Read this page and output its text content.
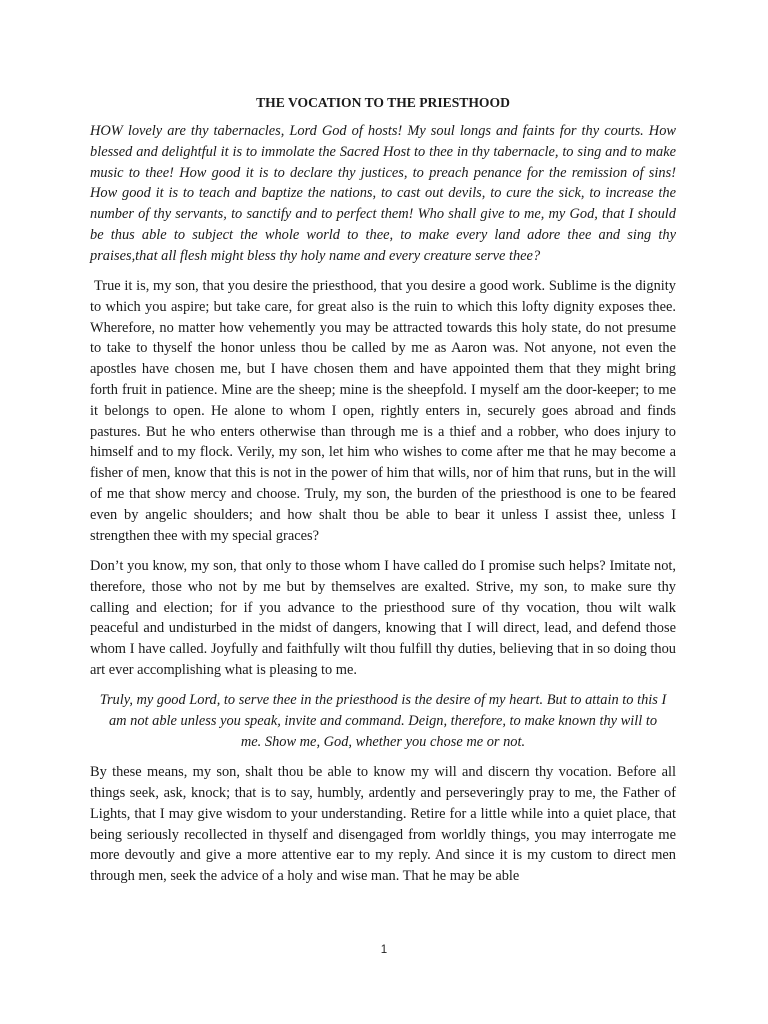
THE VOCATION TO THE PRIESTHOOD

HOW lovely are thy tabernacles, Lord God of hosts! My soul longs and faints for thy courts. How blessed and delightful it is to immolate the Sacred Host to thee in thy tabernacle, to sing and to make music to thee! How good it is to declare thy justices, to preach penance for the remission of sins! How good it is to teach and baptize the nations, to cast out devils, to cure the sick, to increase the number of thy servants, to sanctify and to perfect them! Who shall give to me, my God, that I should be thus able to subject the whole world to thee, to make every land adore thee and sing thy praises,that all flesh might bless thy holy name and every creature serve thee?

True it is, my son, that you desire the priesthood, that you desire a good work. Sublime is the dignity to which you aspire; but take care, for great also is the ruin to which this lofty dignity exposes thee. Wherefore, no matter how vehemently you may be attracted towards this holy state, do not presume to take to thyself the honor unless thou be called by me as Aaron was. Not anyone, not even the apostles have chosen me, but I have chosen them and have appointed them that they might bring forth fruit in patience. Mine are the sheep; mine is the sheepfold. I myself am the door-keeper; to me it belongs to open. He alone to whom I open, rightly enters in, securely goes abroad and finds pastures. But he who enters otherwise than through me is a thief and a robber, who does injury to himself and to my flock. Verily, my son, let him who wishes to come after me that he may become a fisher of men, know that this is not in the power of him that wills, nor of him that runs, but in the will of me that show mercy and choose. Truly, my son, the burden of the priesthood is one to be feared even by angelic shoulders; and how shalt thou be able to bear it unless I assist thee, unless I strengthen thee with my special graces?

Don’t you know, my son, that only to those whom I have called do I promise such helps? Imitate not, therefore, those who not by me but by themselves are exalted. Strive, my son, to make sure thy calling and election; for if you advance to the priesthood sure of thy vocation, thou wilt walk peaceful and undisturbed in the midst of dangers, knowing that I will direct, lead, and defend those whom I have called. Joyfully and faithfully wilt thou fulfill thy duties, believing that in so doing thou art ever accomplishing what is pleasing to me.

Truly, my good Lord, to serve thee in the priesthood is the desire of my heart. But to attain to this I am not able unless you speak, invite and command. Deign, therefore, to make known thy will to me. Show me, God, whether you chose me or not.

By these means, my son, shalt thou be able to know my will and discern thy vocation. Before all things seek, ask, knock; that is to say, humbly, ardently and perseveringly pray to me, the Father of Lights, that I may give wisdom to your understanding. Retire for a little while into a quiet place, that being seriously recollected in thyself and disengaged from worldly things, you may interrogate me more devoutly and give a more attentive ear to my reply. And since it is my custom to direct men through men, seek the advice of a holy and wise man. That he may be able

1
